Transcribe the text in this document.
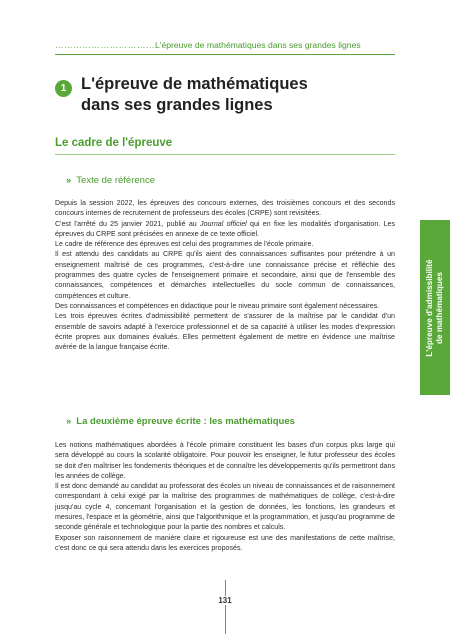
……………………………L'épreuve de mathématiques dans ses grandes lignes
1 L'épreuve de mathématiques
dans ses grandes lignes
Le cadre de l'épreuve
» Texte de référence

Depuis la session 2022, les épreuves des concours externes, des troisièmes concours et des seconds concours internes de recrutement de professeurs des écoles (CRPE) sont revisitées.

C'est l'arrêté du 25 janvier 2021, publié au Journal officiel qui en fixe les modalités d'organisation. Les épreuves du CRPE sont précisées en annexe de ce texte officiel.

Le cadre de référence des épreuves est celui des programmes de l'école primaire.

Il est attendu des candidats au CRPE qu'ils aient des connaissances suffisantes pour prétendre à un enseignement maîtrisé de ces programmes, c'est-à-dire une connaissance précise et réfléchie des programmes des quatre cycles de l'enseignement primaire et secondaire, ainsi que de l'ensemble des connaissances, compétences et démarches intellectuelles du socle commun de connaissances, compétences et culture.

Des connaissances et compétences en didactique pour le niveau primaire sont également nécessaires.

Les trois épreuves écrites d'admissibilité permettent de s'assurer de la maîtrise par le candidat d'un ensemble de savoirs adapté à l'exercice professionnel et de sa capacité à utiliser les modes d'expression écrite propres aux domaines évalués. Elles permettent également de mettre en évidence une maîtrise avérée de la langue française écrite.

» La deuxième épreuve écrite : les mathématiques

Les notions mathématiques abordées à l'école primaire constituent les bases d'un corpus plus large qui sera développé au cours la scolarité obligatoire. Pour pouvoir les enseigner, le futur professeur des écoles se doit d'en maîtriser les fondements théoriques et de connaître les développements qu'ils permettront dans les années de collège.

Il est donc demandé au candidat au professorat des écoles un niveau de connaissances et de raisonnement correspondant à celui exigé par la maîtrise des programmes de mathématiques de collège, c'est-à-dire jusqu'au cycle 4, concernant l'organisation et la gestion de données, les fonctions, les grandeurs et mesures, l'espace et la géométrie, ainsi que l'algorithmique et la programmation, et jusqu'au programme de seconde générale et technologique pour la partie des nombres et calculs.

Exposer son raisonnement de manière claire et rigoureuse est une des manifestations de cette maîtrise, c'est donc ce qui sera attendu dans les exercices proposés.

L'épreuve d'admissibilité de mathématiques
131
